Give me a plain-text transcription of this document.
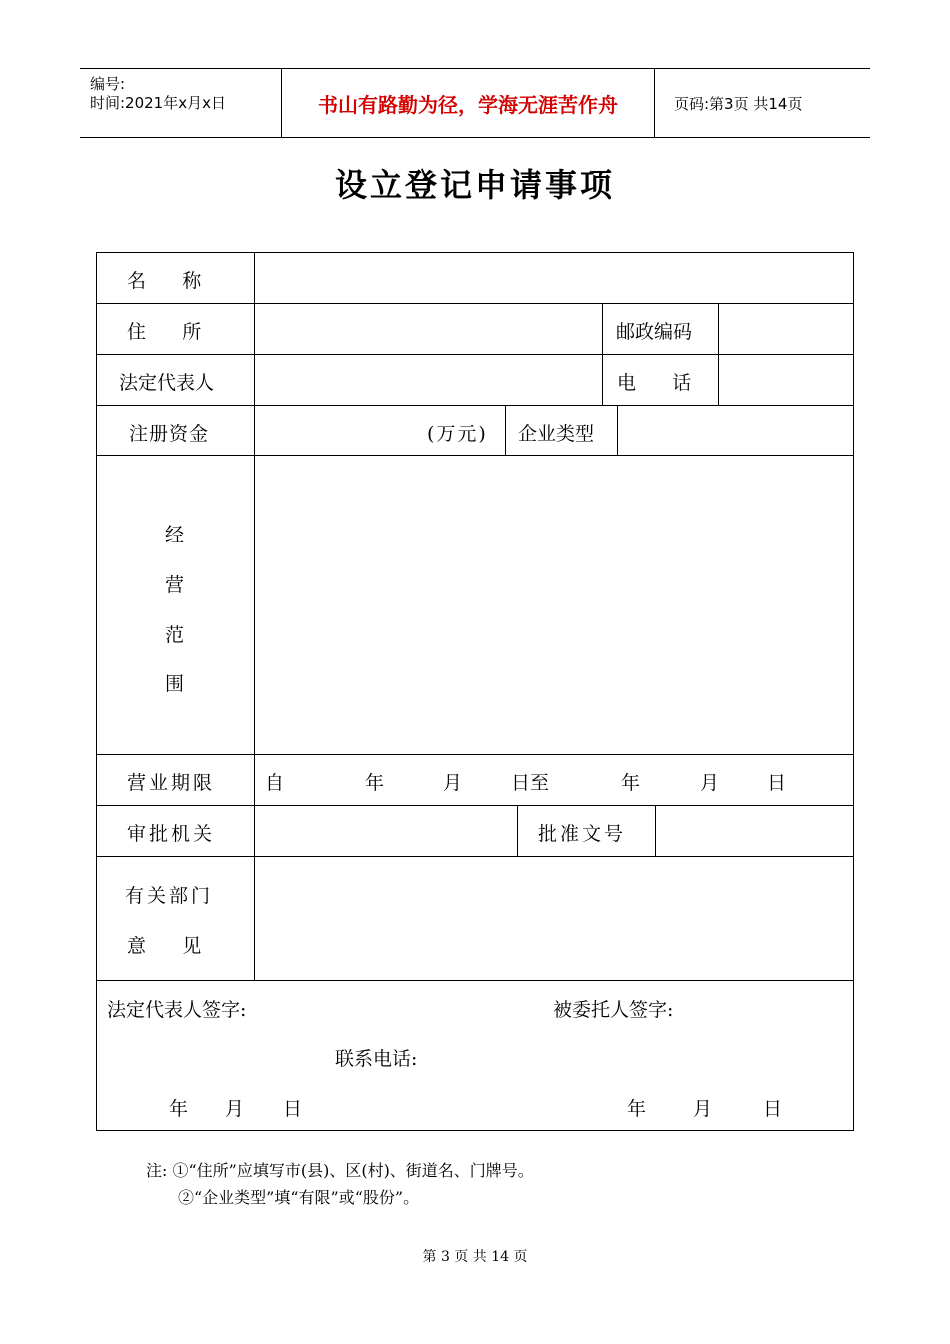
编号:
时间:2021年x月x日	书山有路勤为径，学海无涯苦作舟	页码:第3页 共14页
设立登记申请事项
名      称
住      所	邮政编码
法定代表人	电      话
注册资金	(万元) 企业类型
经
营
范
围
营业期限	自	年	月	日至	年	月	日
审批机关	批准文号
有关部门
意      见
法定代表人签字:	被委托人签字:
联系电话:
年 月 日	年 月	日
注: ①“住所”应填写市(县)、区(村)、街道名、门牌号。
②“企业类型”填“有限”或“股份”。
第 3 页 共 14 页
